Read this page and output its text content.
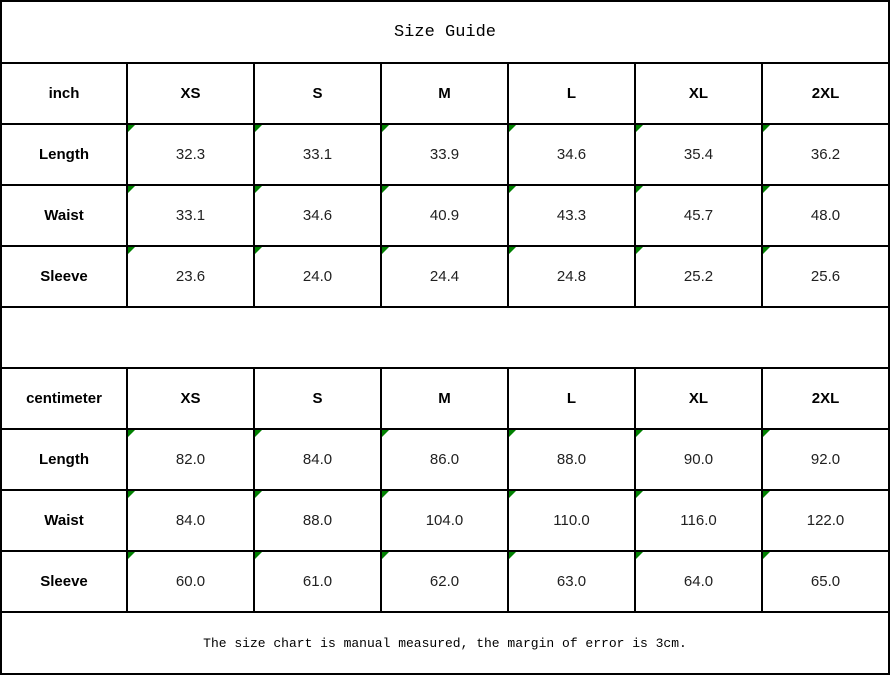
Size Guide						
inch	XS	S	M	L	XL	2XL
Length	32.3	33.1	33.9	34.6	35.4	36.2
Waist	33.1	34.6	40.9	43.3	45.7	48.0
Sleeve	23.6	24.0	24.4	24.8	25.2	25.6

centimeter	XS	S	M	L	XL	2XL
Length	82.0	84.0	86.0	88.0	90.0	92.0
Waist	84.0	88.0	104.0	110.0	116.0	122.0
Sleeve	60.0	61.0	62.0	63.0	64.0	65.0
The size chart is manual measured, the margin of error is 3cm.						
